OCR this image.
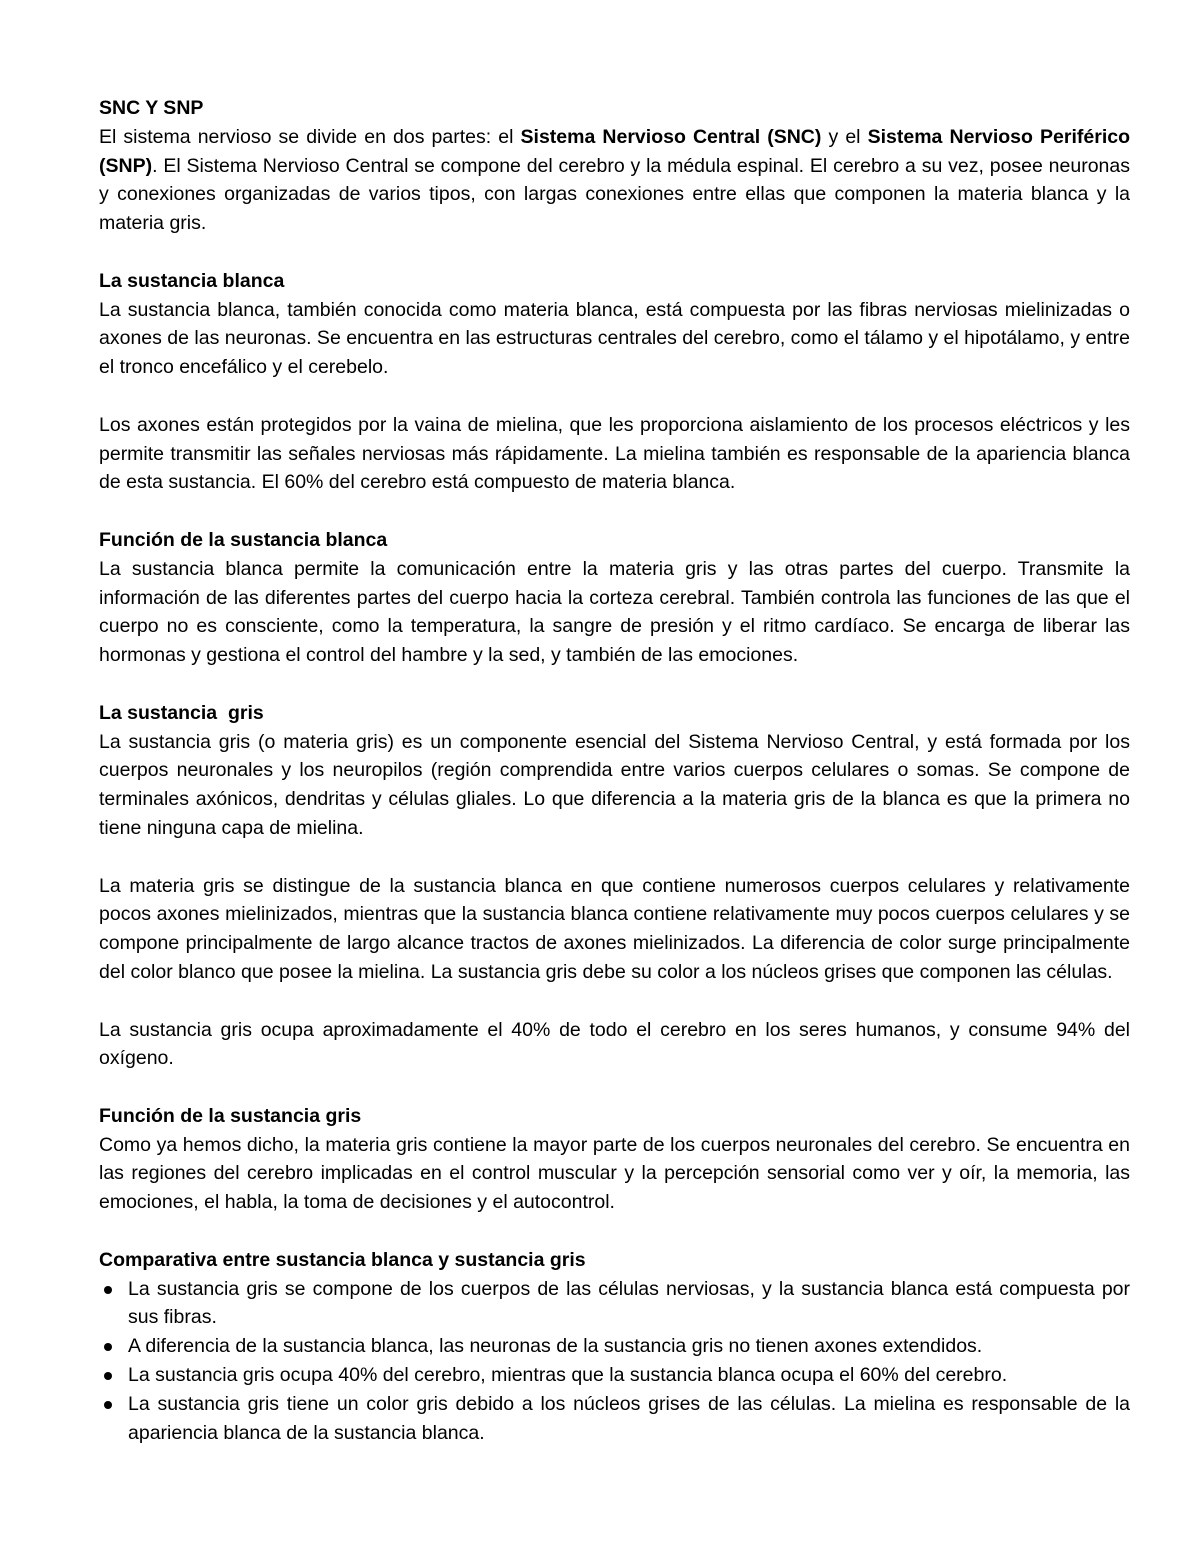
SNC Y SNP

El sistema nervioso se divide en dos partes: el Sistema Nervioso Central (SNC) y el Sistema Nervioso Periférico (SNP). El Sistema Nervioso Central se compone del cerebro y la médula espinal. El cerebro a su vez, posee neuronas y conexiones organizadas de varios tipos, con largas conexiones entre ellas que componen la materia blanca y la materia gris.

La sustancia blanca

La sustancia blanca, también conocida como materia blanca, está compuesta por las fibras nerviosas mielinizadas o axones de las neuronas. Se encuentra en las estructuras centrales del cerebro, como el tálamo y el hipotálamo, y entre el tronco encefálico y el cerebelo.

Los axones están protegidos por la vaina de mielina, que les proporciona aislamiento de los procesos eléctricos y les permite transmitir las señales nerviosas más rápidamente. La mielina también es responsable de la apariencia blanca de esta sustancia. El 60% del cerebro está compuesto de materia blanca.

Función de la sustancia blanca

La sustancia blanca permite la comunicación entre la materia gris y las otras partes del cuerpo. Transmite la información de las diferentes partes del cuerpo hacia la corteza cerebral. También controla las funciones de las que el cuerpo no es consciente, como la temperatura, la sangre de presión y el ritmo cardíaco. Se encarga de liberar las hormonas y gestiona el control del hambre y la sed, y también de las emociones.

La sustancia  gris

La sustancia gris (o materia gris) es un componente esencial del Sistema Nervioso Central, y está formada por los cuerpos neuronales y los neuropilos (región comprendida entre varios cuerpos celulares o somas. Se compone de terminales axónicos, dendritas y células gliales. Lo que diferencia a la materia gris de la blanca es que la primera no tiene ninguna capa de mielina.

La materia gris se distingue de la sustancia blanca en que contiene numerosos cuerpos celulares y relativamente pocos axones mielinizados, mientras que la sustancia blanca contiene relativamente muy pocos cuerpos celulares y se compone principalmente de largo alcance tractos de axones mielinizados. La diferencia de color surge principalmente del color blanco que posee la mielina. La sustancia gris debe su color a los núcleos grises que componen las células.

La sustancia gris ocupa aproximadamente el 40% de todo el cerebro en los seres humanos, y consume 94% del oxígeno.

Función de la sustancia gris

Como ya hemos dicho, la materia gris contiene la mayor parte de los cuerpos neuronales del cerebro. Se encuentra en las regiones del cerebro implicadas en el control muscular y la percepción sensorial como ver y oír, la memoria, las emociones, el habla, la toma de decisiones y el autocontrol.

Comparativa entre sustancia blanca y sustancia gris
La sustancia gris se compone de los cuerpos de las células nerviosas, y la sustancia blanca está compuesta por sus fibras.
A diferencia de la sustancia blanca, las neuronas de la sustancia gris no tienen axones extendidos.
La sustancia gris ocupa 40% del cerebro, mientras que la sustancia blanca ocupa el 60% del cerebro.
La sustancia gris tiene un color gris debido a los núcleos grises de las células. La mielina es responsable de la apariencia blanca de la sustancia blanca.
